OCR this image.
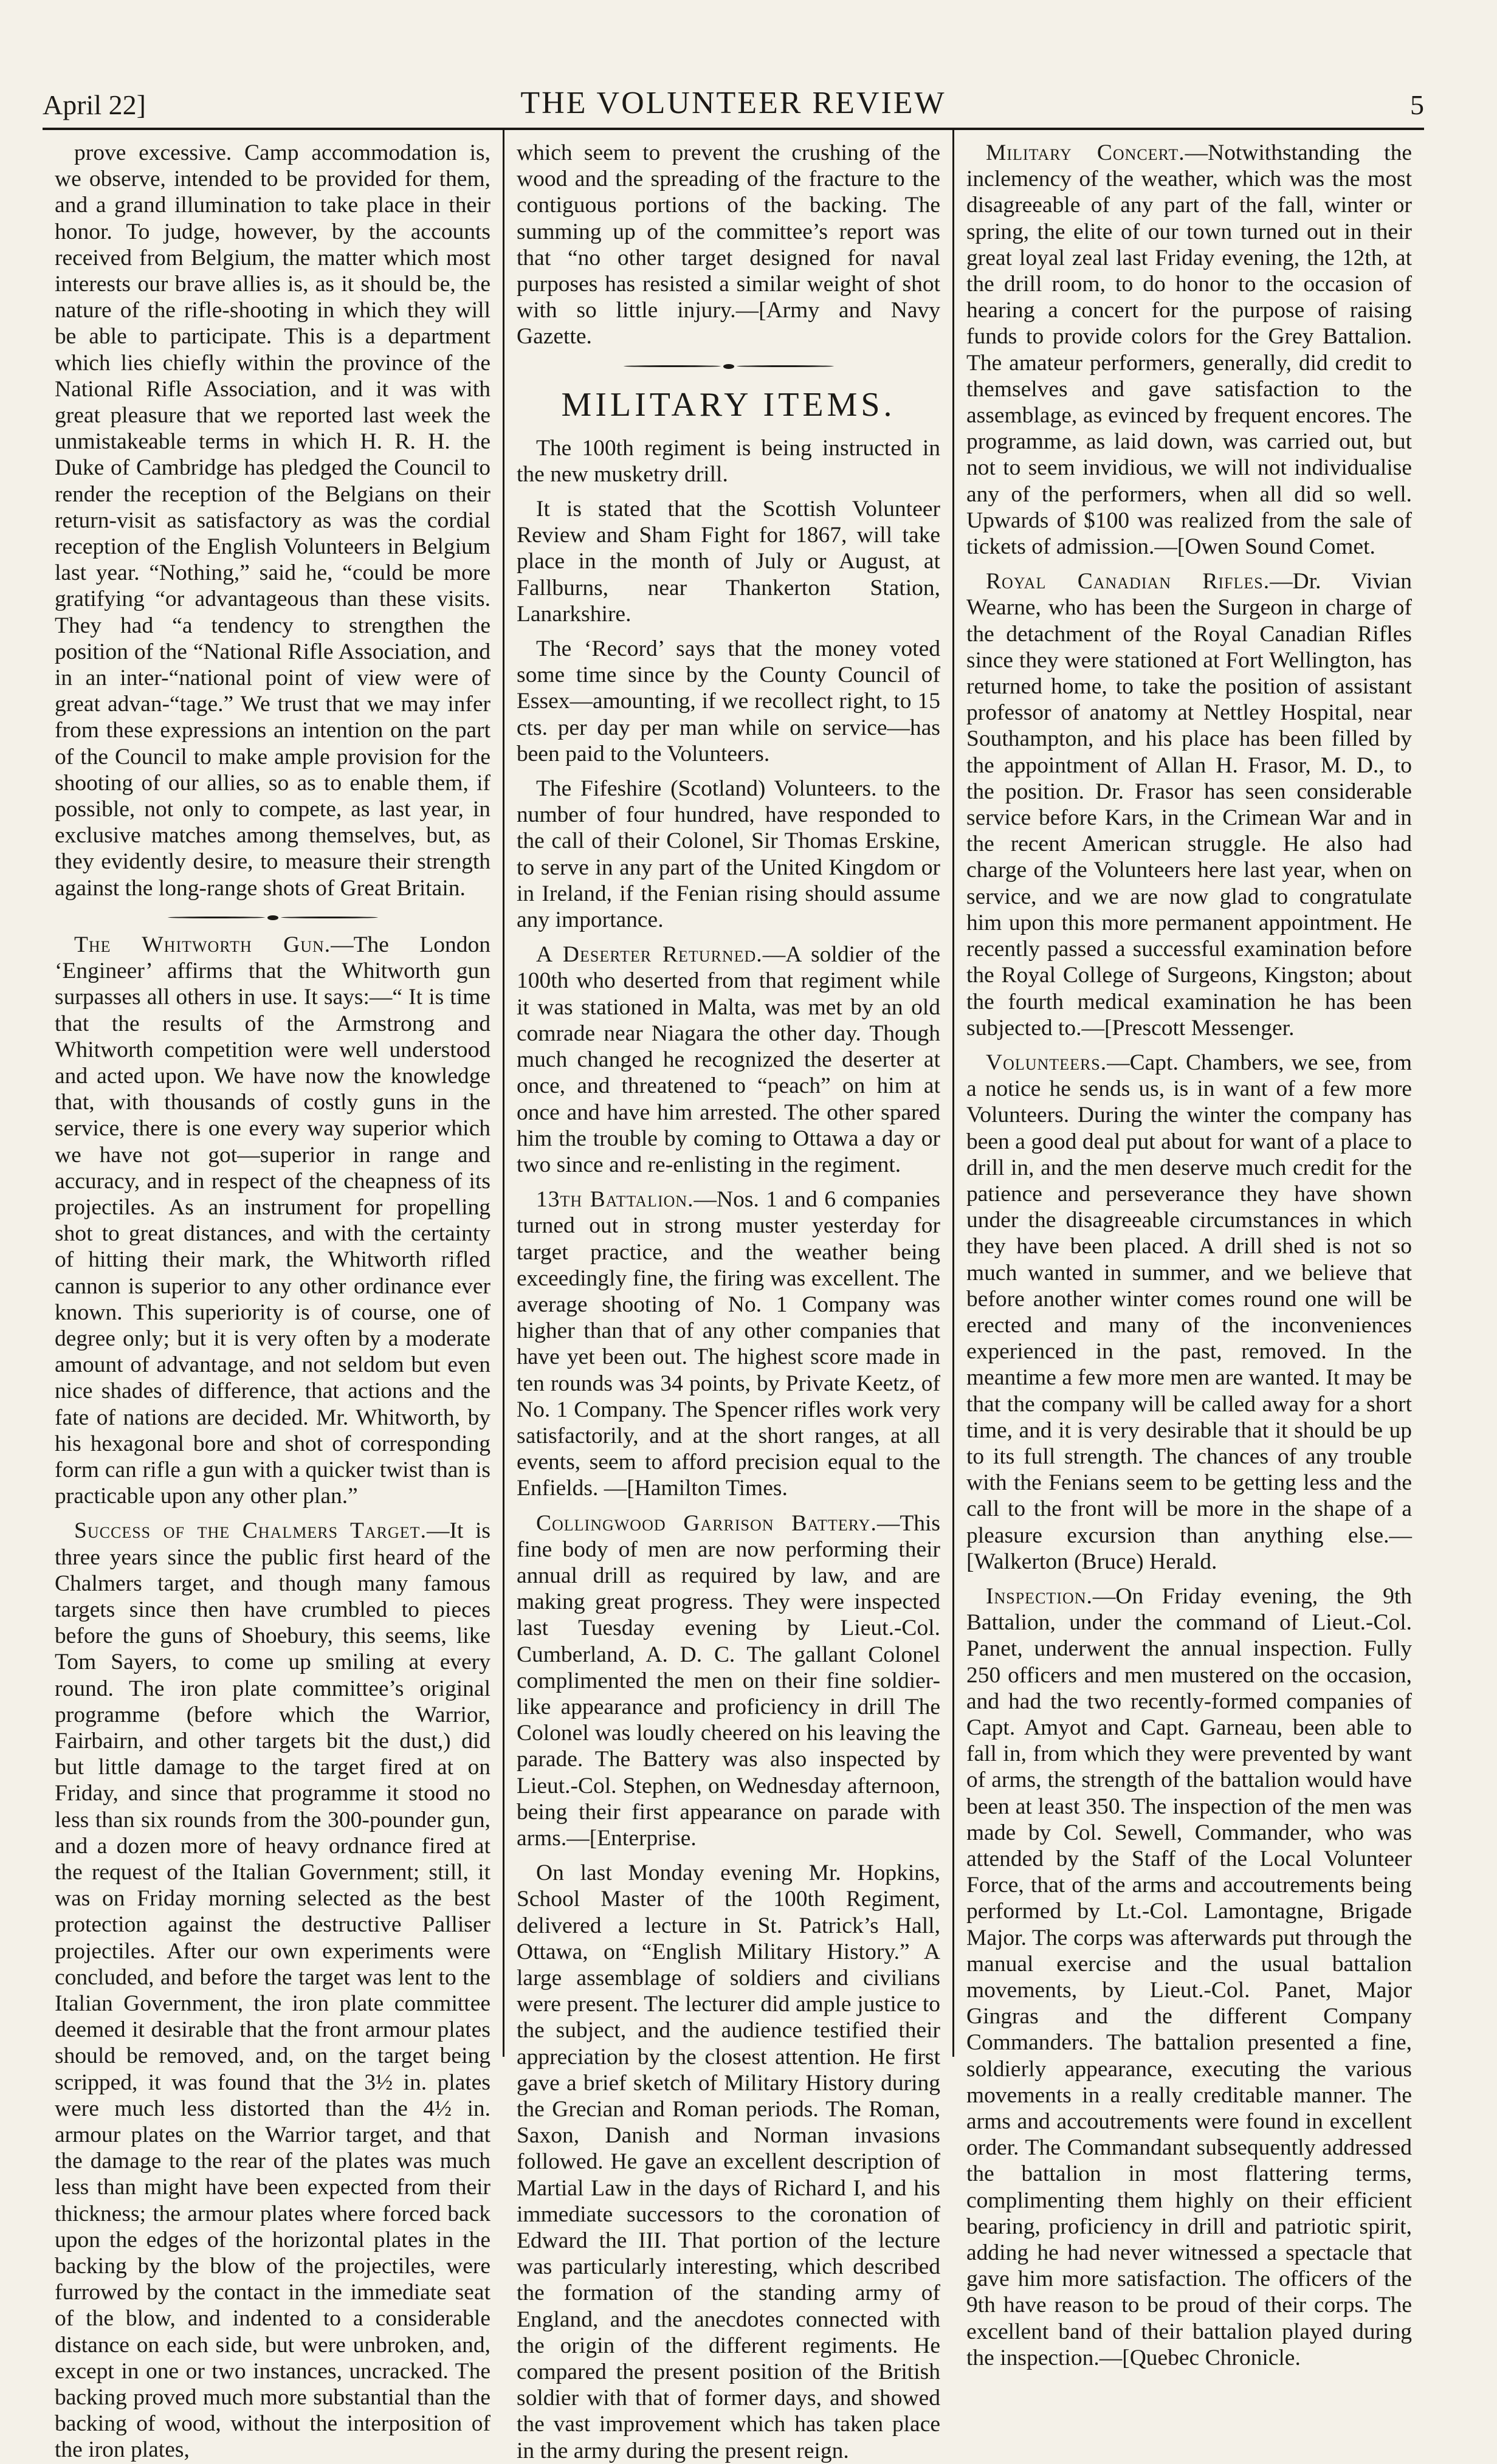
April 22]	THE VOLUNTEER REVIEW	5

prove excessive. Camp accommodation is, we observe, intended to be provided for them, and a grand illumination to take place in their honor. To judge, however, by the accounts received from Belgium, the matter which most interests our brave allies is, as it should be, the nature of the rifle-shooting in which they will be able to participate. This is a department which lies chiefly within the province of the National Rifle Association, and it was with great pleasure that we reported last week the unmistakeable terms in which H. R. H. the Duke of Cambridge has pledged the Council to render the reception of the Belgians on their return-visit as satisfactory as was the cordial reception of the English Volunteers in Belgium last year. “Nothing,” said he, “could be more gratifying “or advantageous than these visits. They had “a tendency to strengthen the position of the “National Rifle Association, and in an inter-“national point of view were of great advan-“tage.” We trust that we may infer from these expressions an intention on the part of the Council to make ample provision for the shooting of our allies, so as to enable them, if possible, not only to compete, as last year, in exclusive matches among themselves, but, as they evidently desire, to measure their strength against the long-range shots of Great Britain.

The Whitworth Gun.—The London ‘Engineer’ affirms that the Whitworth gun surpasses all others in use. It says:—“ It is time that the results of the Armstrong and Whitworth competition were well understood and acted upon. We have now the knowledge that, with thousands of costly guns in the service, there is one every way superior which we have not got—superior in range and accuracy, and in respect of the cheapness of its projectiles. As an instrument for propelling shot to great distances, and with the certainty of hitting their mark, the Whitworth rifled cannon is superior to any other ordinance ever known. This superiority is of course, one of degree only; but it is very often by a moderate amount of advantage, and not seldom but even nice shades of difference, that actions and the fate of nations are decided. Mr. Whitworth, by his hexagonal bore and shot of corresponding form can rifle a gun with a quicker twist than is practicable upon any other plan.”

Success of the Chalmers Target.—It is three years since the public first heard of the Chalmers target, and though many famous targets since then have crumbled to pieces before the guns of Shoebury, this seems, like Tom Sayers, to come up smiling at every round. The iron plate committee’s original programme (before which the Warrior, Fairbairn, and other targets bit the dust,) did but little damage to the target fired at on Friday, and since that programme it stood no less than six rounds from the 300-pounder gun, and a dozen more of heavy ordnance fired at the request of the Italian Government; still, it was on Friday morning selected as the best protection against the destructive Palliser projectiles. After our own experiments were concluded, and before the target was lent to the Italian Government, the iron plate committee deemed it desirable that the front armour plates should be removed, and, on the target being scripped, it was found that the 3½ in. plates were much less distorted than the 4½ in. armour plates on the Warrior target, and that the damage to the rear of the plates was much less than might have been expected from their thickness; the armour plates where forced back upon the edges of the horizontal plates in the backing by the blow of the projectiles, were furrowed by the contact in the immediate seat of the blow, and indented to a considerable distance on each side, but were unbroken, and, except in one or two instances, uncracked. The backing proved much more substantial than the backing of wood, without the interposition of the iron plates,

which seem to prevent the crushing of the wood and the spreading of the fracture to the contiguous portions of the backing. The summing up of the committee’s report was that “no other target designed for naval purposes has resisted a similar weight of shot with so little injury.—[Army and Navy Gazette.

MILITARY ITEMS.

The 100th regiment is being instructed in the new musketry drill.

It is stated that the Scottish Volunteer Review and Sham Fight for 1867, will take place in the month of July or August, at Fallburns, near Thankerton Station, Lanarkshire.

The ‘Record’ says that the money voted some time since by the County Council of Essex—amounting, if we recollect right, to 15 cts. per day per man while on service—has been paid to the Volunteers.

The Fifeshire (Scotland) Volunteers. to the number of four hundred, have responded to the call of their Colonel, Sir Thomas Erskine, to serve in any part of the United Kingdom or in Ireland, if the Fenian rising should assume any importance.

A Deserter Returned.—A soldier of the 100th who deserted from that regiment while it was stationed in Malta, was met by an old comrade near Niagara the other day. Though much changed he recognized the deserter at once, and threatened to “peach” on him at once and have him arrested. The other spared him the trouble by coming to Ottawa a day or two since and re-enlisting in the regiment.

13th Battalion.—Nos. 1 and 6 companies turned out in strong muster yesterday for target practice, and the weather being exceedingly fine, the firing was excellent. The average shooting of No. 1 Company was higher than that of any other companies that have yet been out. The highest score made in ten rounds was 34 points, by Private Keetz, of No. 1 Company. The Spencer rifles work very satisfactorily, and at the short ranges, at all events, seem to afford precision equal to the Enfields. —[Hamilton Times.

Collingwood Garrison Battery.—This fine body of men are now performing their annual drill as required by law, and are making great progress. They were inspected last Tuesday evening by Lieut.-Col. Cumberland, A. D. C. The gallant Colonel complimented the men on their fine soldier-like appearance and proficiency in drill The Colonel was loudly cheered on his leaving the parade. The Battery was also inspected by Lieut.-Col. Stephen, on Wednesday afternoon, being their first appearance on parade with arms.—[Enterprise.

On last Monday evening Mr. Hopkins, School Master of the 100th Regiment, delivered a lecture in St. Patrick’s Hall, Ottawa, on “English Military History.” A large assemblage of soldiers and civilians were present. The lecturer did ample justice to the subject, and the audience testified their appreciation by the closest attention. He first gave a brief sketch of Military History during the Grecian and Roman periods. The Roman, Saxon, Danish and Norman invasions followed. He gave an excellent description of Martial Law in the days of Richard I, and his immediate successors to the coronation of Edward the III. That portion of the lecture was particularly interesting, which described the formation of the standing army of England, and the anecdotes connected with the origin of the different regiments. He compared the present position of the British soldier with that of former days, and showed the vast improvement which has taken place in the army during the present reign.

Military Concert.—Notwithstanding the inclemency of the weather, which was the most disagreeable of any part of the fall, winter or spring, the elite of our town turned out in their great loyal zeal last Friday evening, the 12th, at the drill room, to do honor to the occasion of hearing a concert for the purpose of raising funds to provide colors for the Grey Battalion. The amateur performers, generally, did credit to themselves and gave satisfaction to the assemblage, as evinced by frequent encores. The programme, as laid down, was carried out, but not to seem invidious, we will not individualise any of the performers, when all did so well. Upwards of $100 was realized from the sale of tickets of admission.—[Owen Sound Comet.

Royal Canadian Rifles.—Dr. Vivian Wearne, who has been the Surgeon in charge of the detachment of the Royal Canadian Rifles since they were stationed at Fort Wellington, has returned home, to take the position of assistant professor of anatomy at Nettley Hospital, near Southampton, and his place has been filled by the appointment of Allan H. Frasor, M. D., to the position. Dr. Frasor has seen considerable service before Kars, in the Crimean War and in the recent American struggle. He also had charge of the Volunteers here last year, when on service, and we are now glad to congratulate him upon this more permanent appointment. He recently passed a successful examination before the Royal College of Surgeons, Kingston; about the fourth medical examination he has been subjected to.—[Prescott Messenger.

Volunteers.—Capt. Chambers, we see, from a notice he sends us, is in want of a few more Volunteers. During the winter the company has been a good deal put about for want of a place to drill in, and the men deserve much credit for the patience and perseverance they have shown under the disagreeable circumstances in which they have been placed. A drill shed is not so much wanted in summer, and we believe that before another winter comes round one will be erected and many of the inconveniences experienced in the past, removed. In the meantime a few more men are wanted. It may be that the company will be called away for a short time, and it is very desirable that it should be up to its full strength. The chances of any trouble with the Fenians seem to be getting less and the call to the front will be more in the shape of a pleasure excursion than anything else.—[Walkerton (Bruce) Herald.

Inspection.—On Friday evening, the 9th Battalion, under the command of Lieut.-Col. Panet, underwent the annual inspection. Fully 250 officers and men mustered on the occasion, and had the two recently-formed companies of Capt. Amyot and Capt. Garneau, been able to fall in, from which they were prevented by want of arms, the strength of the battalion would have been at least 350. The inspection of the men was made by Col. Sewell, Commander, who was attended by the Staff of the Local Volunteer Force, that of the arms and accoutrements being performed by Lt.-Col. Lamontagne, Brigade Major. The corps was afterwards put through the manual exercise and the usual battalion movements, by Lieut.-Col. Panet, Major Gingras and the different Company Commanders. The battalion presented a fine, soldierly appearance, executing the various movements in a really creditable manner. The arms and accoutrements were found in excellent order. The Commandant subsequently addressed the battalion in most flattering terms, complimenting them highly on their efficient bearing, proficiency in drill and patriotic spirit, adding he had never witnessed a spectacle that gave him more satisfaction. The officers of the 9th have reason to be proud of their corps. The excellent band of their battalion played during the inspection.—[Quebec Chronicle.
